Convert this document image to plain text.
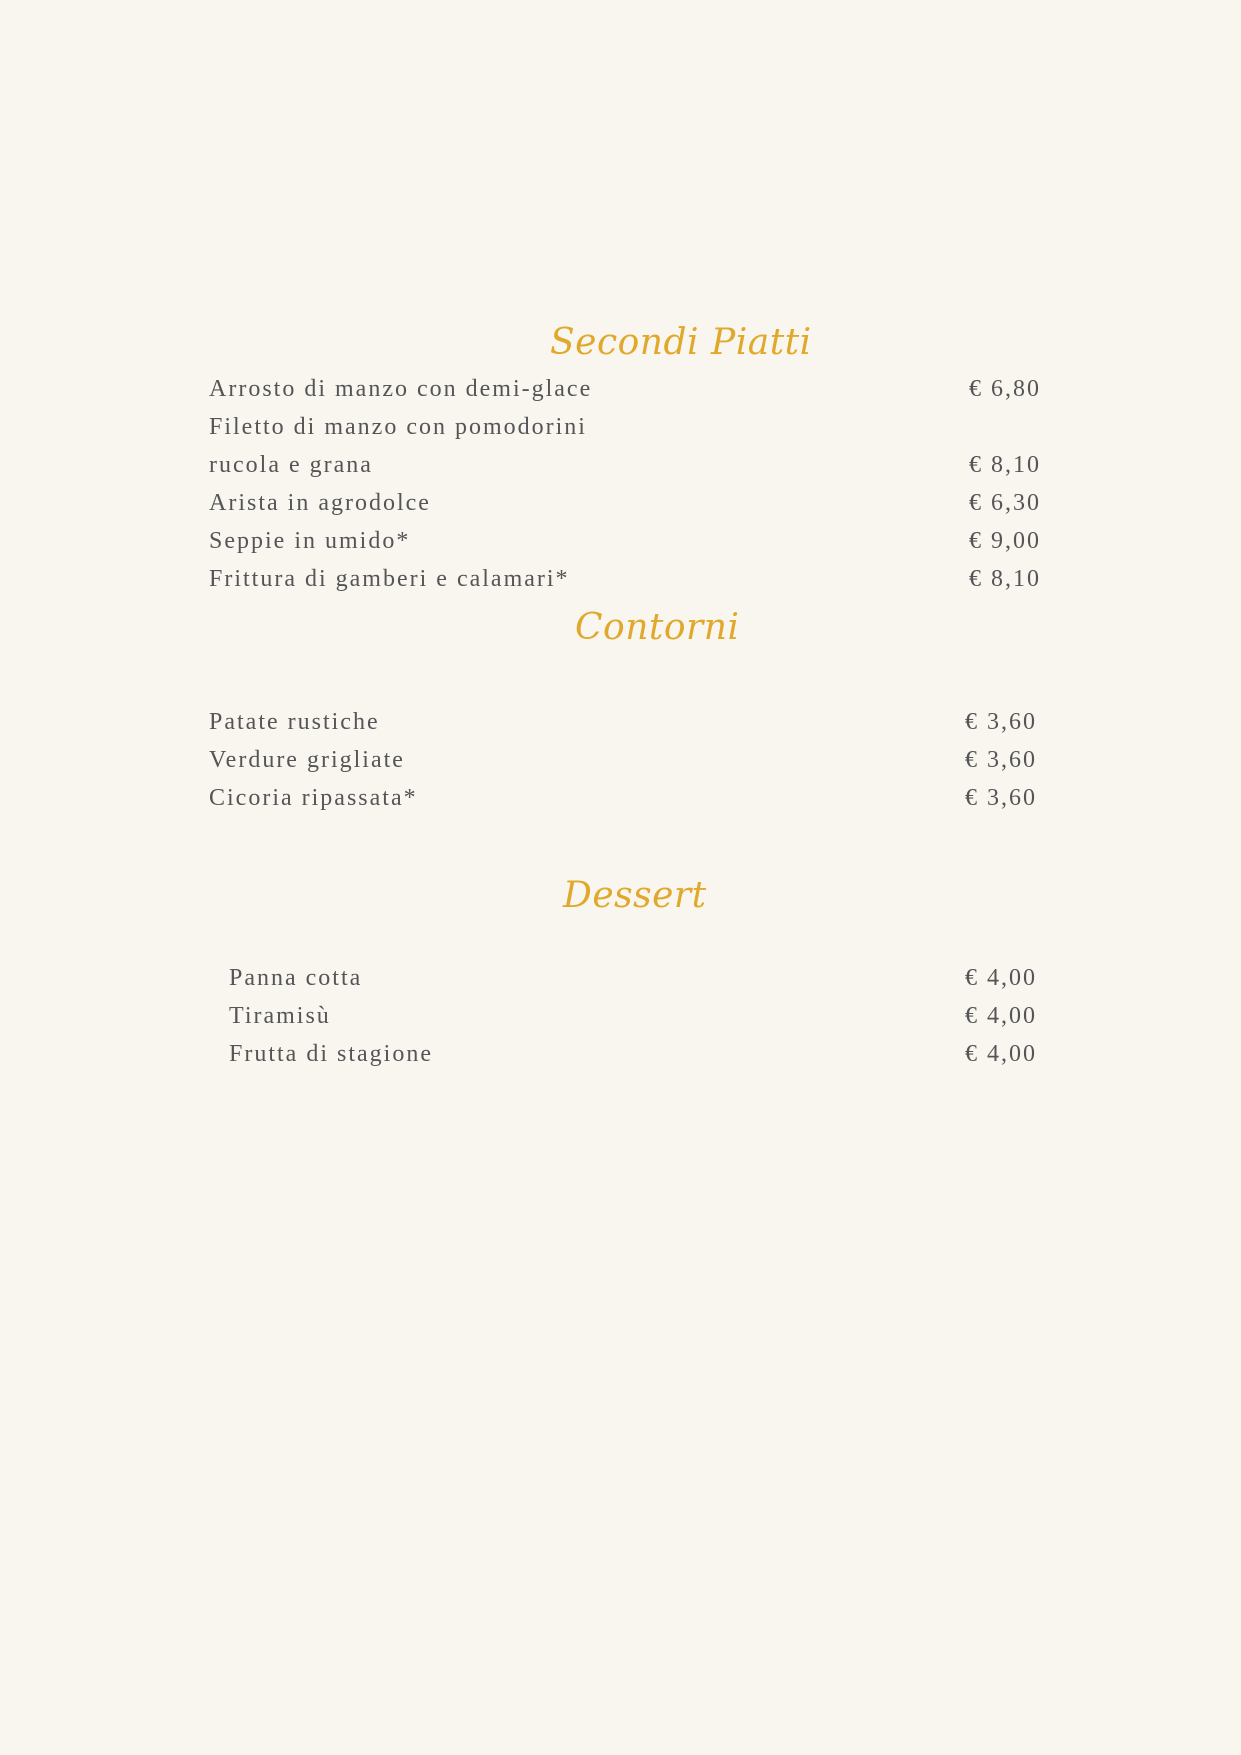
Secondi Piatti
Arrosto di manzo con demi-glace	€ 6,80
Filetto di manzo con pomodorini
rucola e grana	€ 8,10
Arista in agrodolce	€ 6,30
Seppie in umido*	€ 9,00
Frittura di gamberi e calamari*	€ 8,10
Contorni
Patate rustiche	€ 3,60
Verdure grigliate	€ 3,60
Cicoria ripassata*	€ 3,60
Dessert
Panna cotta	€ 4,00
Tiramisù	€ 4,00
Frutta di stagione	€ 4,00
